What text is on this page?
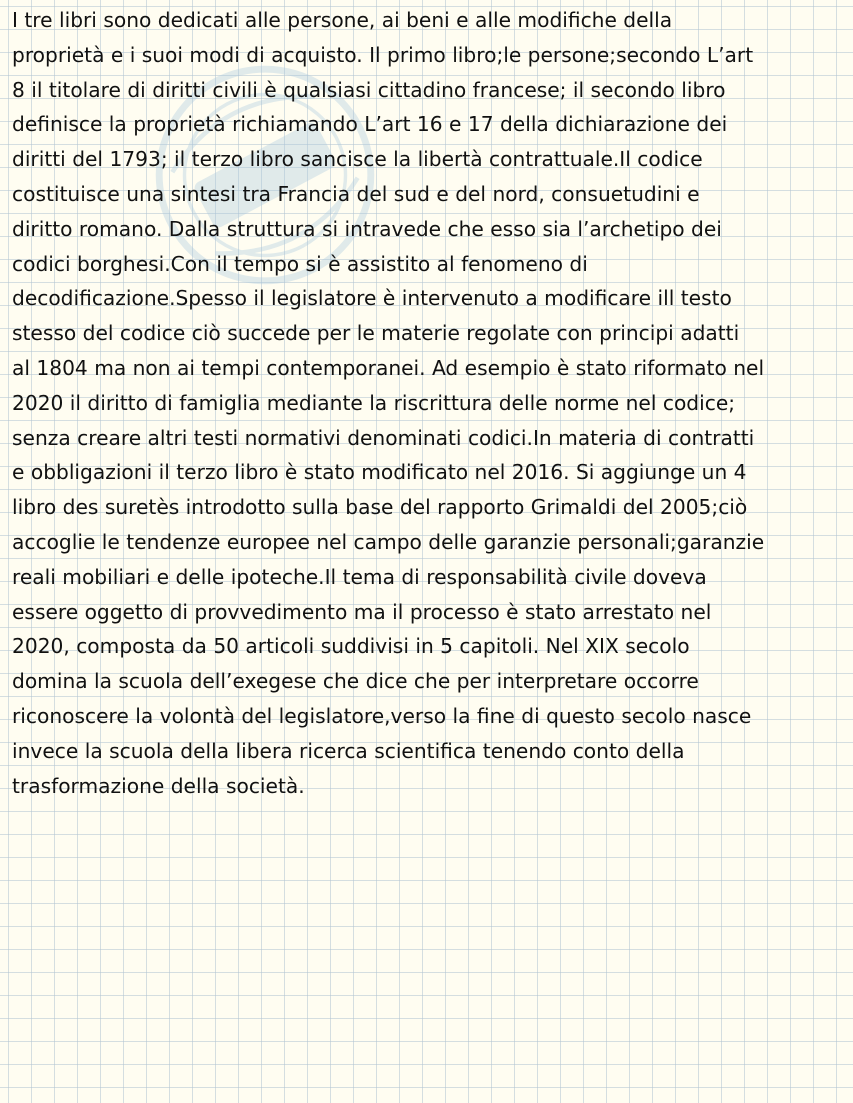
I tre libri sono dedicati alle persone, ai beni e alle modifiche della
proprietà e i suoi modi di acquisto. Il primo libro;le persone;secondo L’art
8 il titolare di diritti civili è qualsiasi cittadino francese; il secondo libro
definisce la proprietà richiamando L’art 16 e 17 della dichiarazione dei
diritti del 1793; il terzo libro sancisce la libertà contrattuale.Il codice
costituisce una sintesi tra Francia del sud e del nord, consuetudini e
diritto romano. Dalla struttura si intravede che esso sia l’archetipo dei
codici borghesi.Con il tempo si è assistito al fenomeno di
decodificazione.Spesso il legislatore è intervenuto a modificare ill testo
stesso del codice ciò succede per le materie regolate con principi adatti
al 1804 ma non ai tempi contemporanei. Ad esempio è stato riformato nel
2020 il diritto di famiglia mediante la riscrittura delle norme nel codice;
senza creare altri testi normativi denominati codici.In materia di contratti
e obbligazioni il terzo libro è stato modificato nel 2016. Si aggiunge un 4
libro des suretès introdotto sulla base del rapporto Grimaldi del 2005;ciò
accoglie le tendenze europee nel campo delle garanzie personali;garanzie
reali mobiliari e delle ipoteche.Il tema di responsabilità civile doveva
essere oggetto di provvedimento ma il processo è stato arrestato nel
2020, composta da 50 articoli suddivisi in 5 capitoli. Nel XIX secolo
domina la scuola dell’exegese che dice che per interpretare occorre
riconoscere la volontà del legislatore,verso la fine di questo secolo nasce
invece la scuola della libera ricerca scientifica tenendo conto della
trasformazione della società.
